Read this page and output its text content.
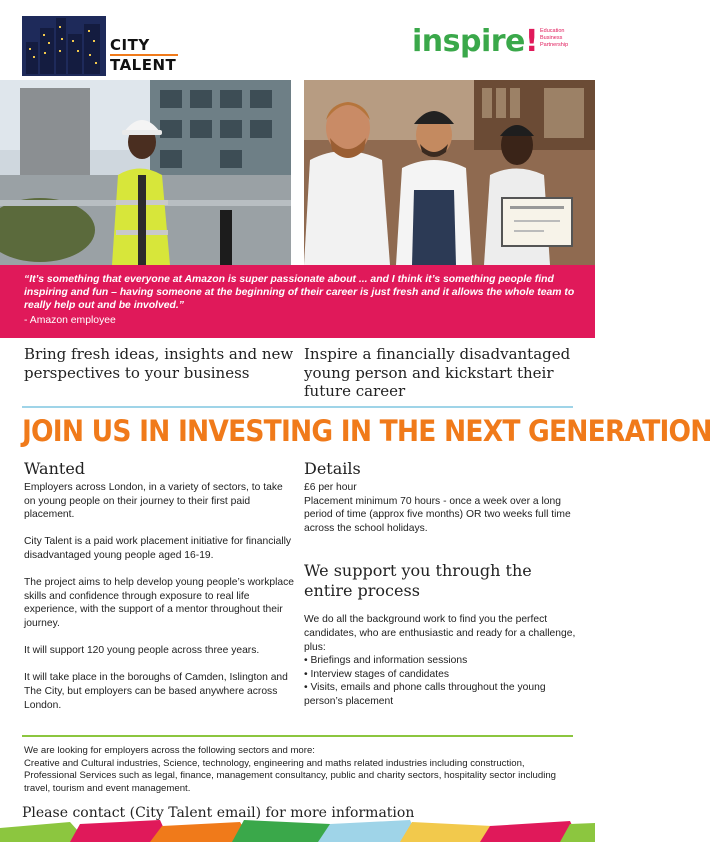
CITY
TALENT
inspire! Education Business Partnership

“It’s something that everyone at Amazon is super passionate about ... and I think it’s something people find inspiring and fun – having someone at the beginning of their career is just fresh and it allows the whole team to really help out and be involved.”

- Amazon employee

Bring fresh ideas, insights and new perspectives to your business

Inspire a financially disadvantaged young person and kickstart their future career

JOIN US IN INVESTING IN THE NEXT GENERATION
Wanted

Employers across London, in a variety of sectors, to take on young people on their journey to their first paid placement.

City Talent is a paid work placement initiative for financially disadvantaged young people aged 16-19.

The project aims to help develop young people’s workplace skills and confidence through exposure to real life experience, with the support of a mentor throughout their journey.

It will support 120 young people across three years.

It will take place in the boroughs of Camden, Islington and The City, but employers can be based anywhere across London.

Details
£6 per hour
Placement minimum 70 hours - once a week over a long period of time (approx five months) OR two weeks full time across the school holidays.
We support you through the entire process

We do all the background work to find you the perfect candidates, who are enthusiastic and ready for a challenge, plus:

• Briefings and information sessions
• Interview stages of candidates
• Visits, emails and phone calls throughout the young person’s placement

We are looking for employers across the following sectors and more:

Creative and Cultural industries, Science, technology, engineering and maths related industries including construction, Professional Services such as legal, finance, management consultancy, public and charity sectors, hospitality sector including travel, tourism and event management.

Please contact (City Talent email) for more information
